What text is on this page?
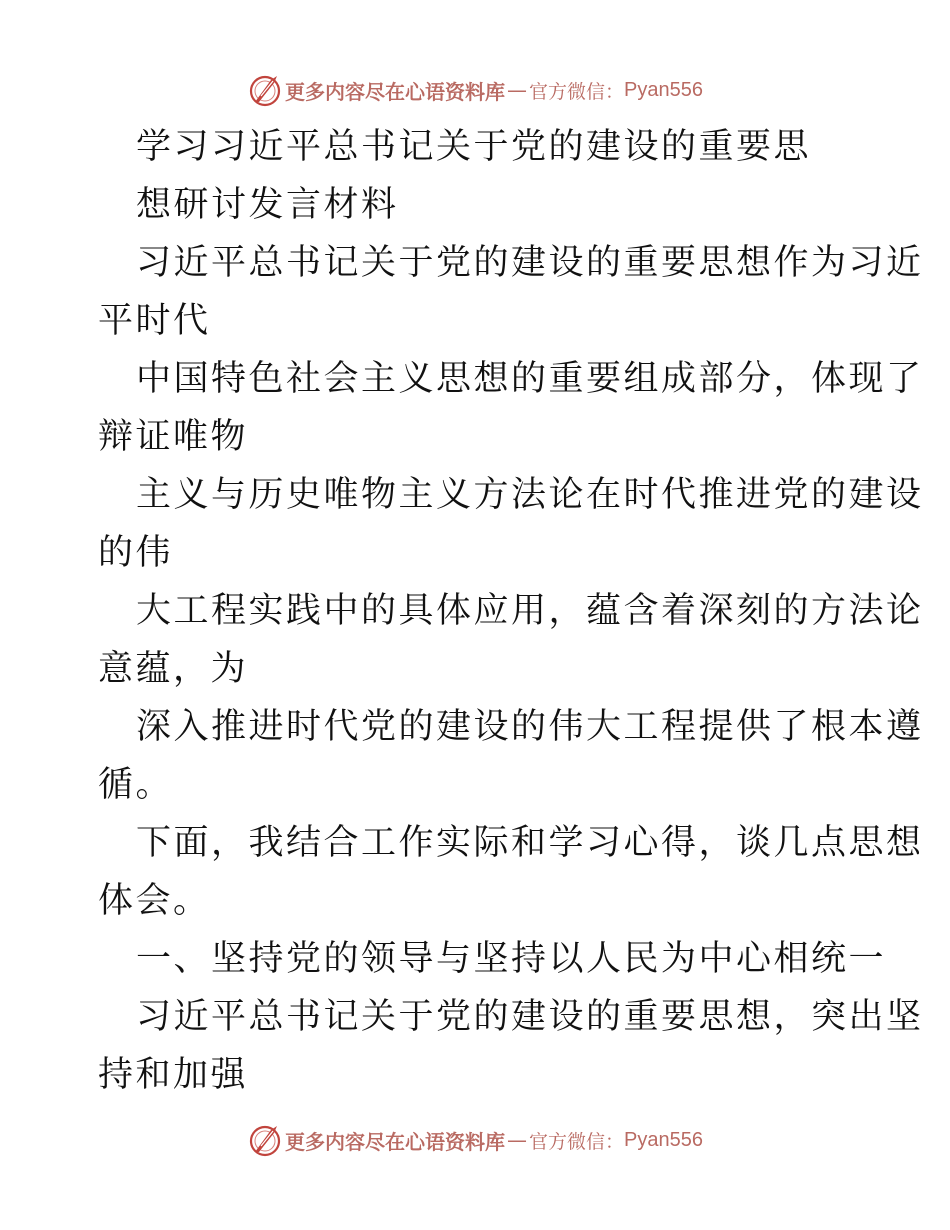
更多内容尽在心语资料库 — 官方微信： Pyan556
学习习近平总书记关于党的建设的重要思
想研讨发言材料
习近平总书记关于党的建设的重要思想作为习近
平时代
中国特色社会主义思想的重要组成部分，体现了
辩证唯物
主义与历史唯物主义方法论在时代推进党的建设
的伟
大工程实践中的具体应用，蕴含着深刻的方法论
意蕴，为
深入推进时代党的建设的伟大工程提供了根本遵
循。
下面，我结合工作实际和学习心得，谈几点思想
体会。
一、坚持党的领导与坚持以人民为中心相统一
习近平总书记关于党的建设的重要思想，突出坚
持和加强
更多内容尽在心语资料库 — 官方微信： Pyan556
